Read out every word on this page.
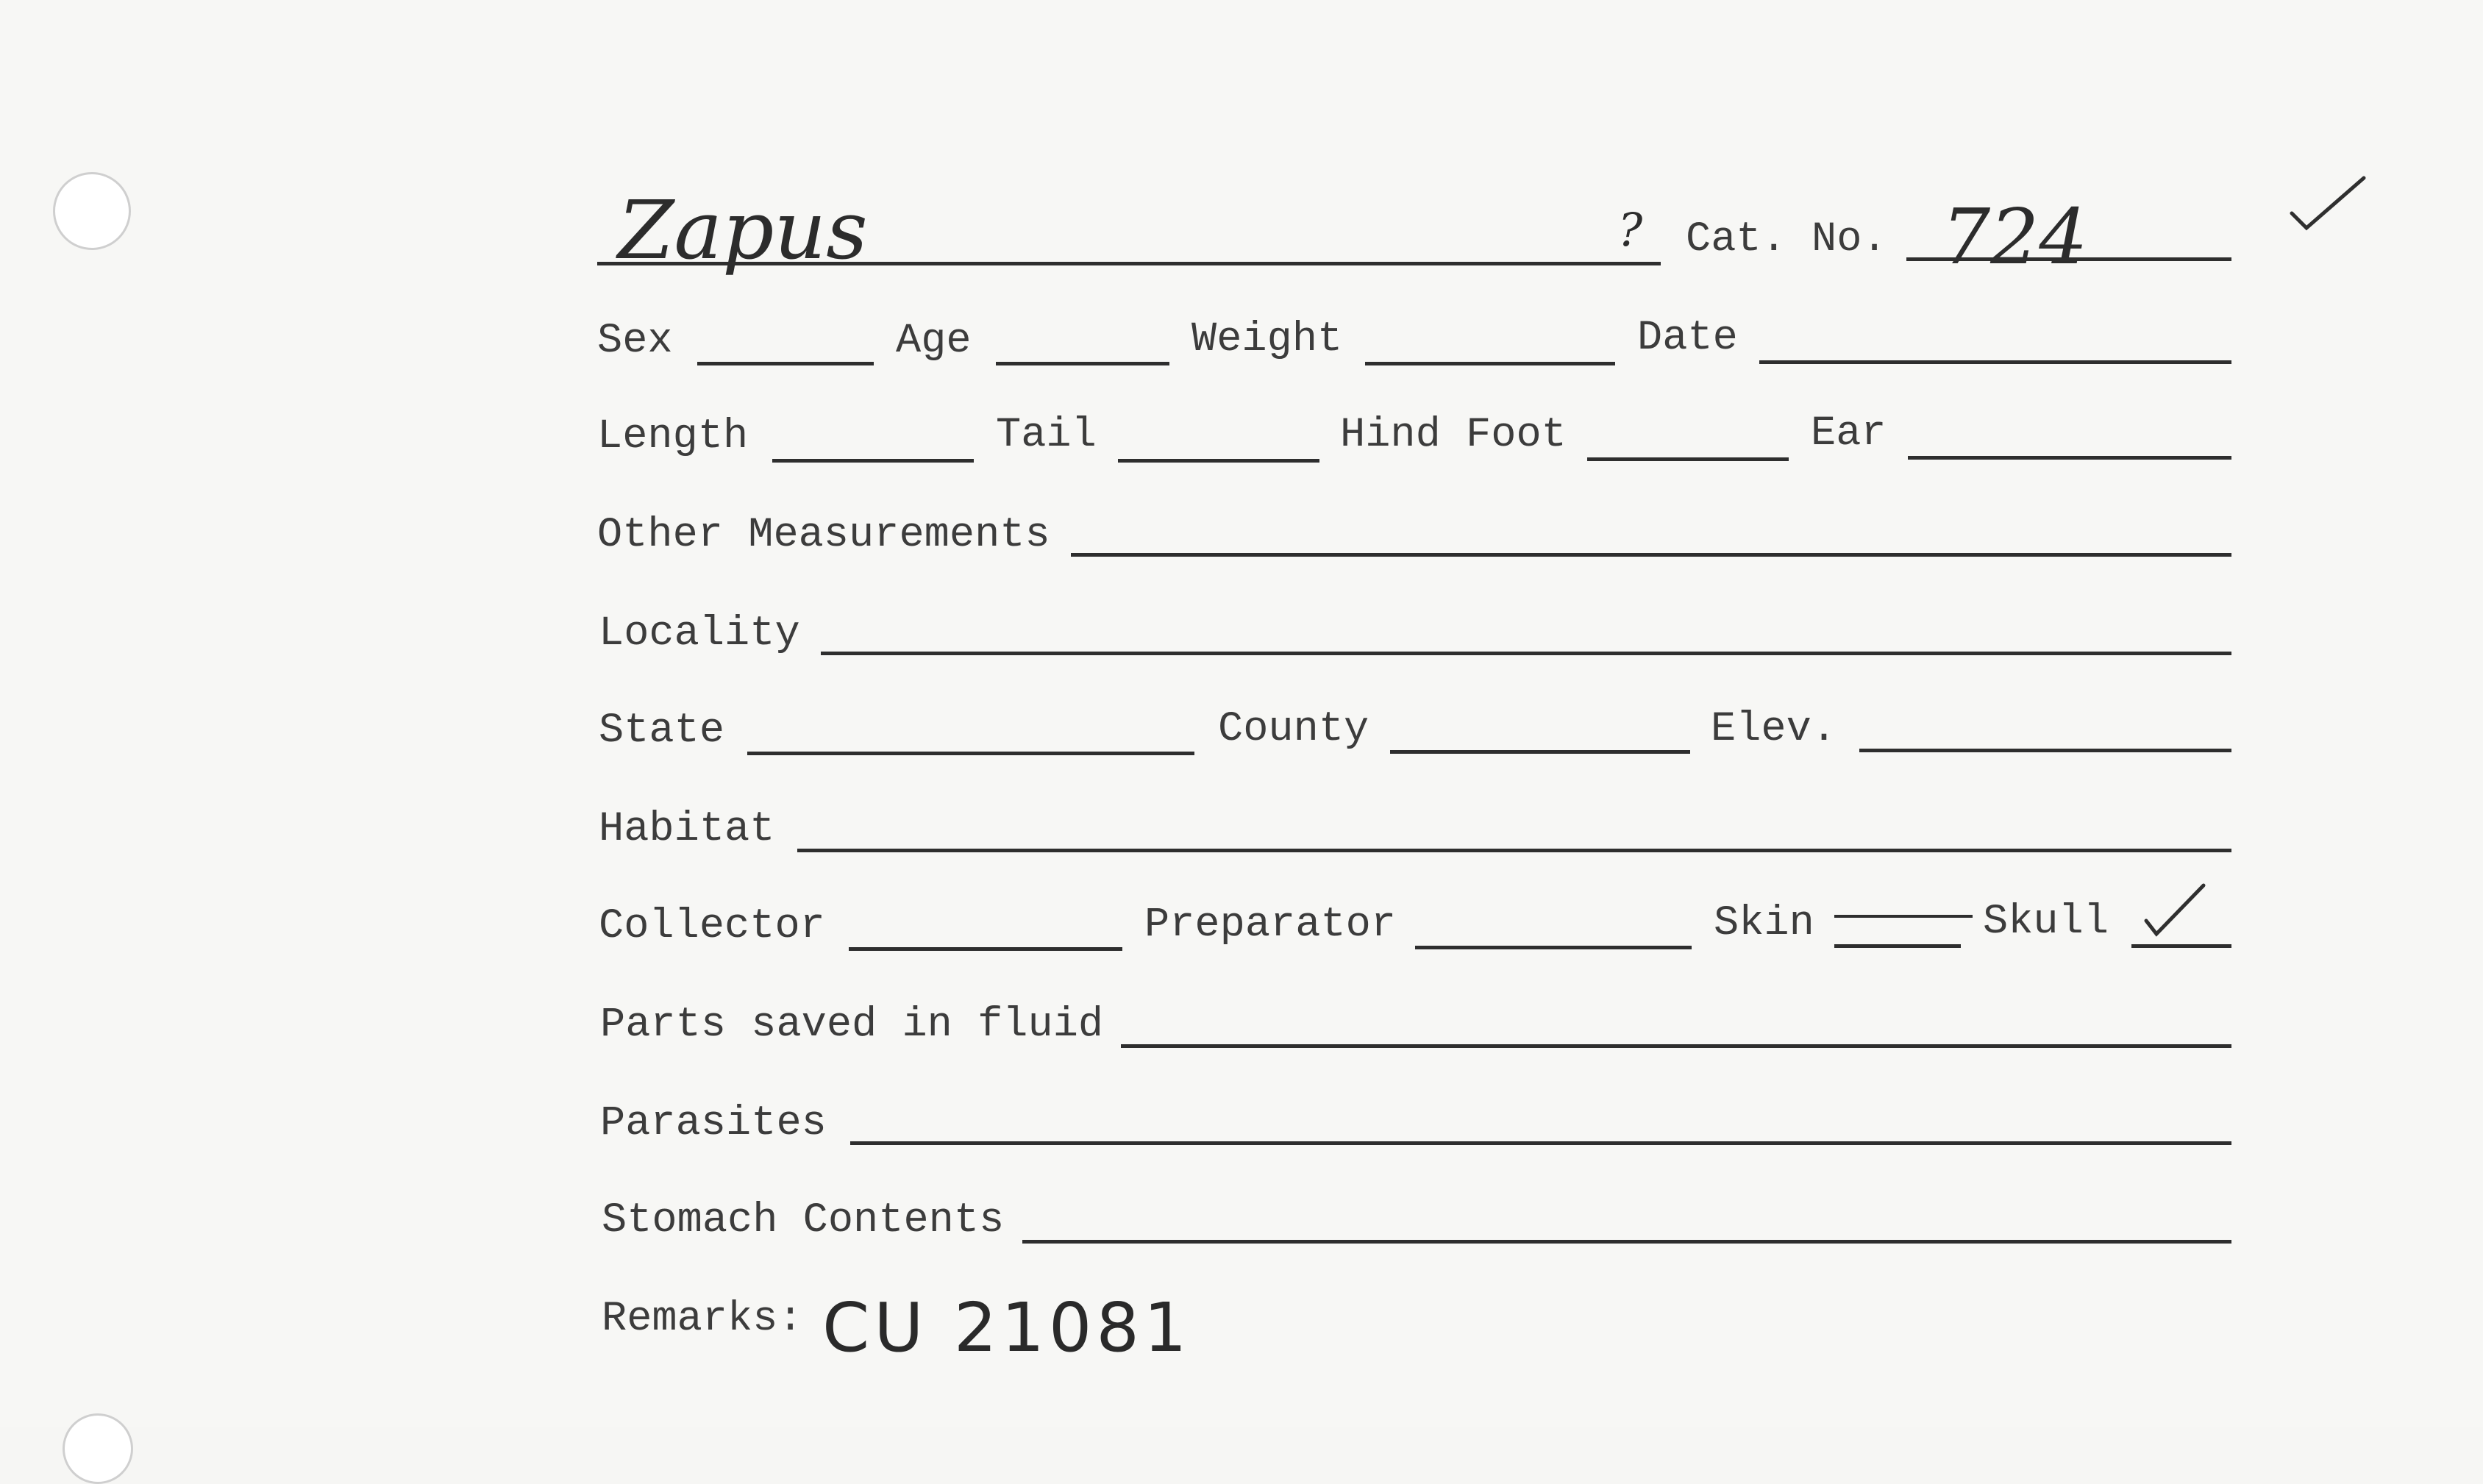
Zapus	? Cat. No. 724
Sex	Age	Weight	Date
Length	Tail	Hind Foot	Ear
Other Measurements
Locality
State	County	Elev.
Habitat
Collector	Preparator	Skin	Skull
Parts saved in fluid
Parasites
Stomach Contents
Remarks: CU 21081
